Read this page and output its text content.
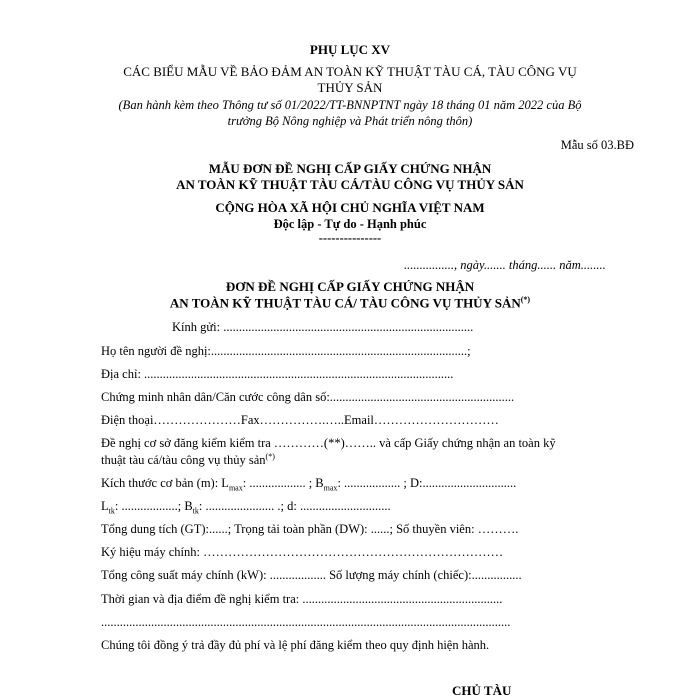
PHỤ LỤC XV
CÁC BIỂU MẪU VỀ BẢO ĐẢM AN TOÀN KỸ THUẬT TÀU CÁ, TÀU CÔNG VỤ
THỦY SẢN
(Ban hành kèm theo Thông tư số 01/2022/TT-BNNPTNT ngày 18 tháng 01 năm 2022 của Bộ
trưởng Bộ Nông nghiệp và Phát triển nông thôn)
Mẫu số 03.BĐ
MẪU ĐƠN ĐỀ NGHỊ CẤP GIẤY CHỨNG NHẬN
AN TOÀN KỸ THUẬT TÀU CÁ/TÀU CÔNG VỤ THỦY SẢN
CỘNG HÒA XÃ HỘI CHỦ NGHĨA VIỆT NAM
Độc lập - Tự do - Hạnh phúc
---------------
................, ngày....... tháng...... năm........
ĐƠN ĐỀ NGHỊ CẤP GIẤY CHỨNG NHẬN
AN TOÀN KỸ THUẬT TÀU CÁ/ TÀU CÔNG VỤ THỦY SẢN(*)
Kính gửi: ................................................................................
Họ tên người đề nghị:..................................................................................;
Địa chỉ: ...................................................................................................
Chứng minh nhân dân/Căn cước công dân số:...........................................................
Điện thoại…………………Fax…………….…..Email…………………………
Đề nghị cơ sở đăng kiểm kiểm tra …………(**)…….. và cấp Giấy chứng nhận an toàn kỹ
thuật tàu cá/tàu công vụ thủy sản(*)
Kích thước cơ bản (m): $L_{max}$: .................. ; $B_{max}$: .................. ; D:..............................
$L_{tk}$: ..................; $B_{tk}$: ...................... .; d: .............................
Tổng dung tích (GT):......; Trọng tải toàn phần (DW): ......; Số thuyền viên: ……….
Ký hiệu máy chính: ………………………………………………………………
Tổng công suất máy chính (kW): .................. Số lượng máy chính (chiếc):................
Thời gian và địa điểm đề nghị kiểm tra: ................................................................
...................................................................................................................................
Chúng tôi đồng ý trả đầy đủ phí và lệ phí đăng kiểm theo quy định hiện hành.
CHỦ TÀU
